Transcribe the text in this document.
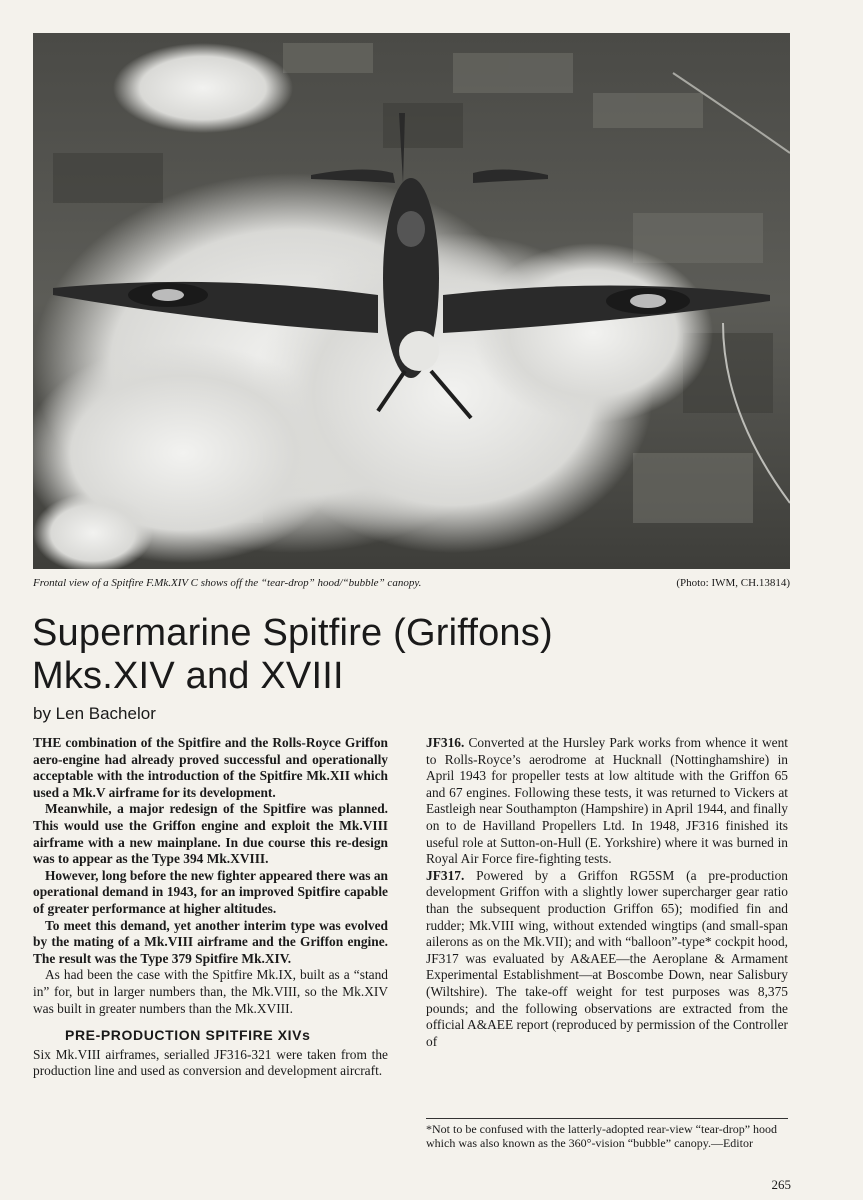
Frontal view of a Spitfire F.Mk.XIV C shows off the “tear-drop” hood/“bubble” canopy.	(Photo: IWM, CH.13814)
Supermarine Spitfire (Griffons)
Mks.XIV and XVIII
by Len Bachelor

THE combination of the Spitfire and the Rolls-Royce Griffon aero-engine had already proved successful and operationally acceptable with the introduction of the Spitfire Mk.XII which used a Mk.V airframe for its development.

Meanwhile, a major redesign of the Spitfire was planned. This would use the Griffon engine and exploit the Mk.VIII airframe with a new mainplane. In due course this re-design was to appear as the Type 394 Mk.XVIII.

However, long before the new fighter appeared there was an operational demand in 1943, for an improved Spitfire capable of greater performance at higher altitudes.

To meet this demand, yet another interim type was evolved by the mating of a Mk.VIII airframe and the Griffon engine. The result was the Type 379 Spitfire Mk.XIV.

As had been the case with the Spitfire Mk.IX, built as a “stand in” for, but in larger numbers than, the Mk.VIII, so the Mk.XIV was built in greater numbers than the Mk.XVIII.

PRE-PRODUCTION SPITFIRE XIVs

Six Mk.VIII airframes, serialled JF316-321 were taken from the production line and used as conversion and development aircraft.

JF316. Converted at the Hursley Park works from whence it went to Rolls-Royce’s aerodrome at Hucknall (Nottinghamshire) in April 1943 for propeller tests at low altitude with the Griffon 65 and 67 engines. Following these tests, it was returned to Vickers at Eastleigh near Southampton (Hampshire) in April 1944, and finally on to de Havilland Propellers Ltd. In 1948, JF316 finished its useful role at Sutton-on-Hull (E. Yorkshire) where it was burned in Royal Air Force fire-fighting tests.

JF317. Powered by a Griffon RG5SM (a pre-production development Griffon with a slightly lower supercharger gear ratio than the subsequent production Griffon 65); modified fin and rudder; Mk.VIII wing, without extended wingtips (and small-span ailerons as on the Mk.VII); and with “balloon”-type* cockpit hood, JF317 was evaluated by A&AEE—the Aeroplane & Armament Experimental Establishment—at Boscombe Down, near Salisbury (Wiltshire). The take-off weight for test purposes was 8,375 pounds; and the following observations are extracted from the official A&AEE report (reproduced by permission of the Controller of

*Not to be confused with the latterly-adopted rear-view “tear-drop” hood which was also known as the 360°-vision “bubble” canopy.—Editor
265
